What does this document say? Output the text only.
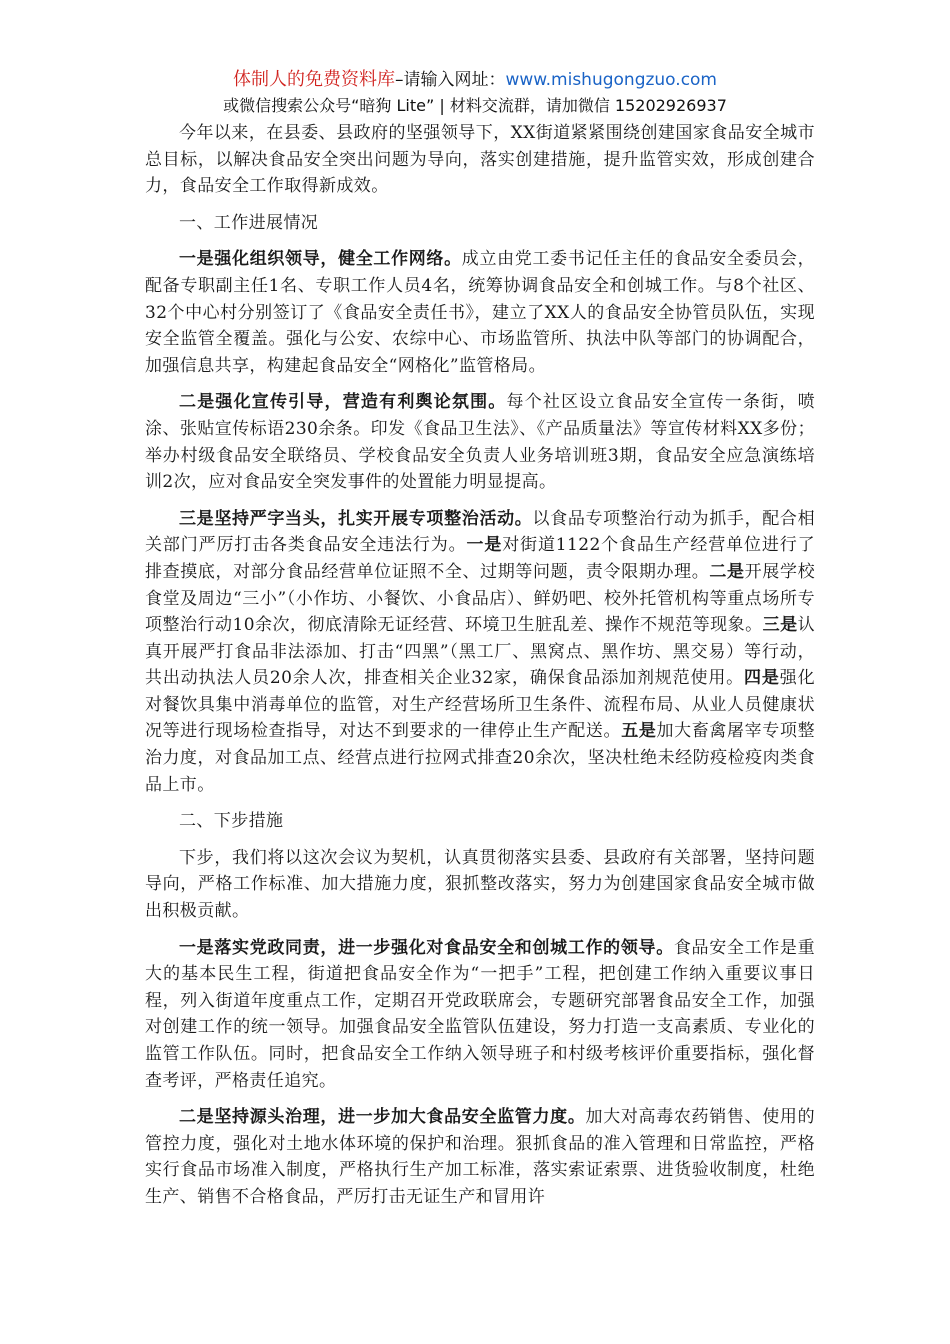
体制人的免费资料库–请输入网址：www.mishugongzuo.com
或微信搜索公众号“暗狗 Lite” | 材料交流群，请加微信 15202926937

今年以来，在县委、县政府的坚强领导下，XX街道紧紧围绕创建国家食品安全城市总目标，以解决食品安全突出问题为导向，落实创建措施，提升监管实效，形成创建合力，食品安全工作取得新成效。

一、工作进展情况

一是强化组织领导，健全工作网络。成立由党工委书记任主任的食品安全委员会，配备专职副主任1名、专职工作人员4名，统筹协调食品安全和创城工作。与8个社区、32个中心村分别签订了《食品安全责任书》，建立了XX人的食品安全协管员队伍，实现安全监管全覆盖。强化与公安、农综中心、市场监管所、执法中队等部门的协调配合，加强信息共享，构建起食品安全“网格化”监管格局。

二是强化宣传引导，营造有利舆论氛围。每个社区设立食品安全宣传一条街，喷涂、张贴宣传标语230余条。印发《食品卫生法》、《产品质量法》等宣传材料XX多份；举办村级食品安全联络员、学校食品安全负责人业务培训班3期，食品安全应急演练培训2次，应对食品安全突发事件的处置能力明显提高。

三是坚持严字当头，扎实开展专项整治活动。以食品专项整治行动为抓手，配合相关部门严厉打击各类食品安全违法行为。一是对街道1122个食品生产经营单位进行了排查摸底，对部分食品经营单位证照不全、过期等问题，责令限期办理。二是开展学校食堂及周边“三小”（小作坊、小餐饮、小食品店）、鲜奶吧、校外托管机构等重点场所专项整治行动10余次，彻底清除无证经营、环境卫生脏乱差、操作不规范等现象。三是认真开展严打食品非法添加、打击“四黑”（黑工厂、黑窝点、黑作坊、黑交易）等行动，共出动执法人员20余人次，排查相关企业32家，确保食品添加剂规范使用。四是强化对餐饮具集中消毒单位的监管，对生产经营场所卫生条件、流程布局、从业人员健康状况等进行现场检查指导，对达不到要求的一律停止生产配送。五是加大畜禽屠宰专项整治力度，对食品加工点、经营点进行拉网式排查20余次，坚决杜绝未经防疫检疫肉类食品上市。

二、下步措施

下步，我们将以这次会议为契机，认真贯彻落实县委、县政府有关部署，坚持问题导向，严格工作标准、加大措施力度，狠抓整改落实，努力为创建国家食品安全城市做出积极贡献。

一是落实党政同责，进一步强化对食品安全和创城工作的领导。食品安全工作是重大的基本民生工程，街道把食品安全作为“一把手”工程，把创建工作纳入重要议事日程，列入街道年度重点工作，定期召开党政联席会，专题研究部署食品安全工作，加强对创建工作的统一领导。加强食品安全监管队伍建设，努力打造一支高素质、专业化的监管工作队伍。同时，把食品安全工作纳入领导班子和村级考核评价重要指标，强化督查考评，严格责任追究。

二是坚持源头治理，进一步加大食品安全监管力度。加大对高毒农药销售、使用的管控力度，强化对土地水体环境的保护和治理。狠抓食品的准入管理和日常监控，严格实行食品市场准入制度，严格执行生产加工标准，落实索证索票、进货验收制度，杜绝生产、销售不合格食品，严厉打击无证生产和冒用许
